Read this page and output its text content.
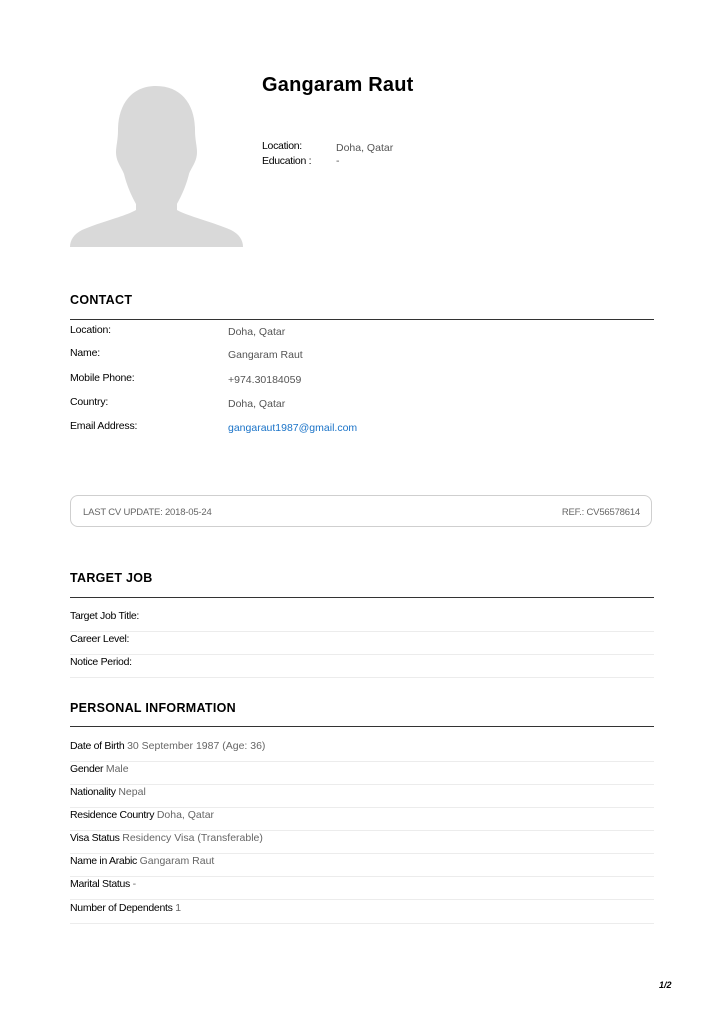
Gangaram Raut
Location:	Doha, Qatar
Education :	-
CONTACT
Location:	Doha, Qatar
Name:	Gangaram Raut
Mobile Phone:	+974.30184059
Country:	Doha, Qatar
Email Address:	gangaraut1987@gmail.com
LAST CV UPDATE: 2018-05-24	REF.: CV56578614
TARGET JOB
Target Job Title:
Career Level:
Notice Period:
PERSONAL INFORMATION
Date of Birth 30 September 1987 (Age: 36)
Gender Male
Nationality Nepal
Residence Country Doha, Qatar
Visa Status Residency Visa (Transferable)
Name in Arabic Gangaram Raut
Marital Status -
Number of Dependents 1
1/2
